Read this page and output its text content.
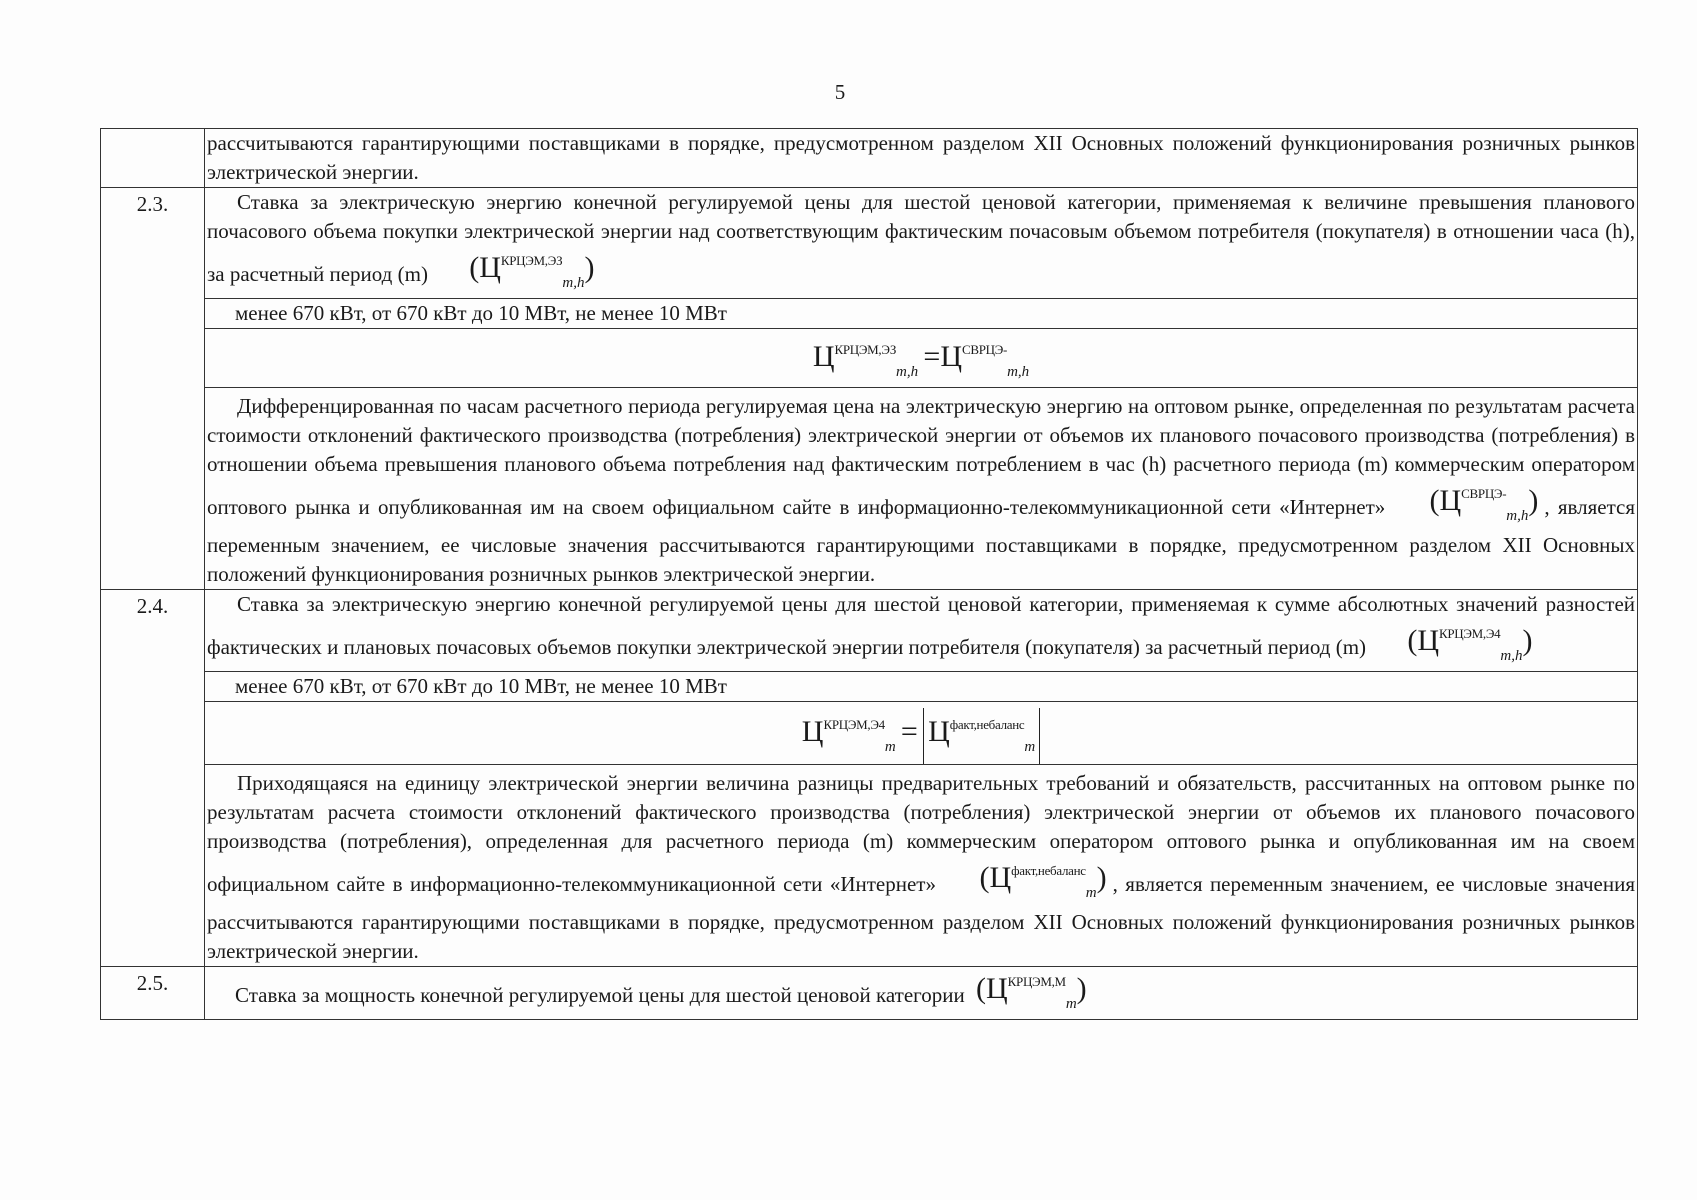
5
	рассчитываются гарантирующими поставщиками в порядке, предусмотренном разделом XII Основных положений функционирования розничных рынков электрической энергии.
2.3.	Ставка за электрическую энергию конечной регулируемой цены для шестой ценовой категории, применяемая к величине превышения планового почасового объема покупки электрической энергии над соответствующим фактическим почасовым объемом потребителя (покупателя) в отношении часа (h), за расчетный период (m) $(Ц^{КРЦЭМ,ЭЗ}_{m,h})$
	менее 670 кВт, от 670 кВт до 10 МВт, не менее 10 МВт
	$Ц^{КРЦЭМ,ЭЗ}_{m,h} =Ц^{СВРЦЭ-}_{m,h}$

	Дифференцированная по часам расчетного периода регулируемая цена на электрическую энергию на оптовом рынке, определенная по результатам расчета стоимости отклонений фактического производства (потребления) электрической энергии от объемов их планового почасового производства (потребления) в отношении объема превышения планового объема потребления над фактическим потреблением в час (h) расчетного периода (m) коммерческим оператором оптового рынка и опубликованная им на своем официальном сайте в информационно-телекоммуникационной сети «Интернет» $(Ц^{СВРЦЭ-}_{m,h})$ , является переменным значением, ее числовые значения рассчитываются гарантирующими поставщиками в порядке, предусмотренном разделом XII Основных положений функционирования розничных рынков электрической энергии.

2.4.	Ставка за электрическую энергию конечной регулируемой цены для шестой ценовой категории, применяемая к сумме абсолютных значений разностей фактических и плановых почасовых объемов покупки электрической энергии потребителя (покупателя) за расчетный период (m) $(Ц^{КРЦЭМ,Э4}_{m,h})$
	менее 670 кВт, от 670 кВт до 10 МВт, не менее 10 МВт
	$Ц^{КРЦЭМ,Э4}_m = Ц^{факт,небаланс}_m$

	Приходящаяся на единицу электрической энергии величина разницы предварительных требований и обязательств, рассчитанных на оптовом рынке по результатам расчета стоимости отклонений фактического производства (потребления) электрической энергии от объемов их планового почасового производства (потребления), определенная для расчетного периода (m) коммерческим оператором оптового рынка и опубликованная им на своем официальном сайте в информационно-телекоммуникационной сети «Интернет» $(Ц^{факт,небаланс}_m)$ , является переменным значением, ее числовые значения рассчитываются гарантирующими поставщиками в порядке, предусмотренном разделом XII Основных положений функционирования розничных рынков электрической энергии.

2.5.	Ставка за мощность конечной регулируемой цены для шестой ценовой категории $(Ц^{КРЦЭМ,М}_m)$
